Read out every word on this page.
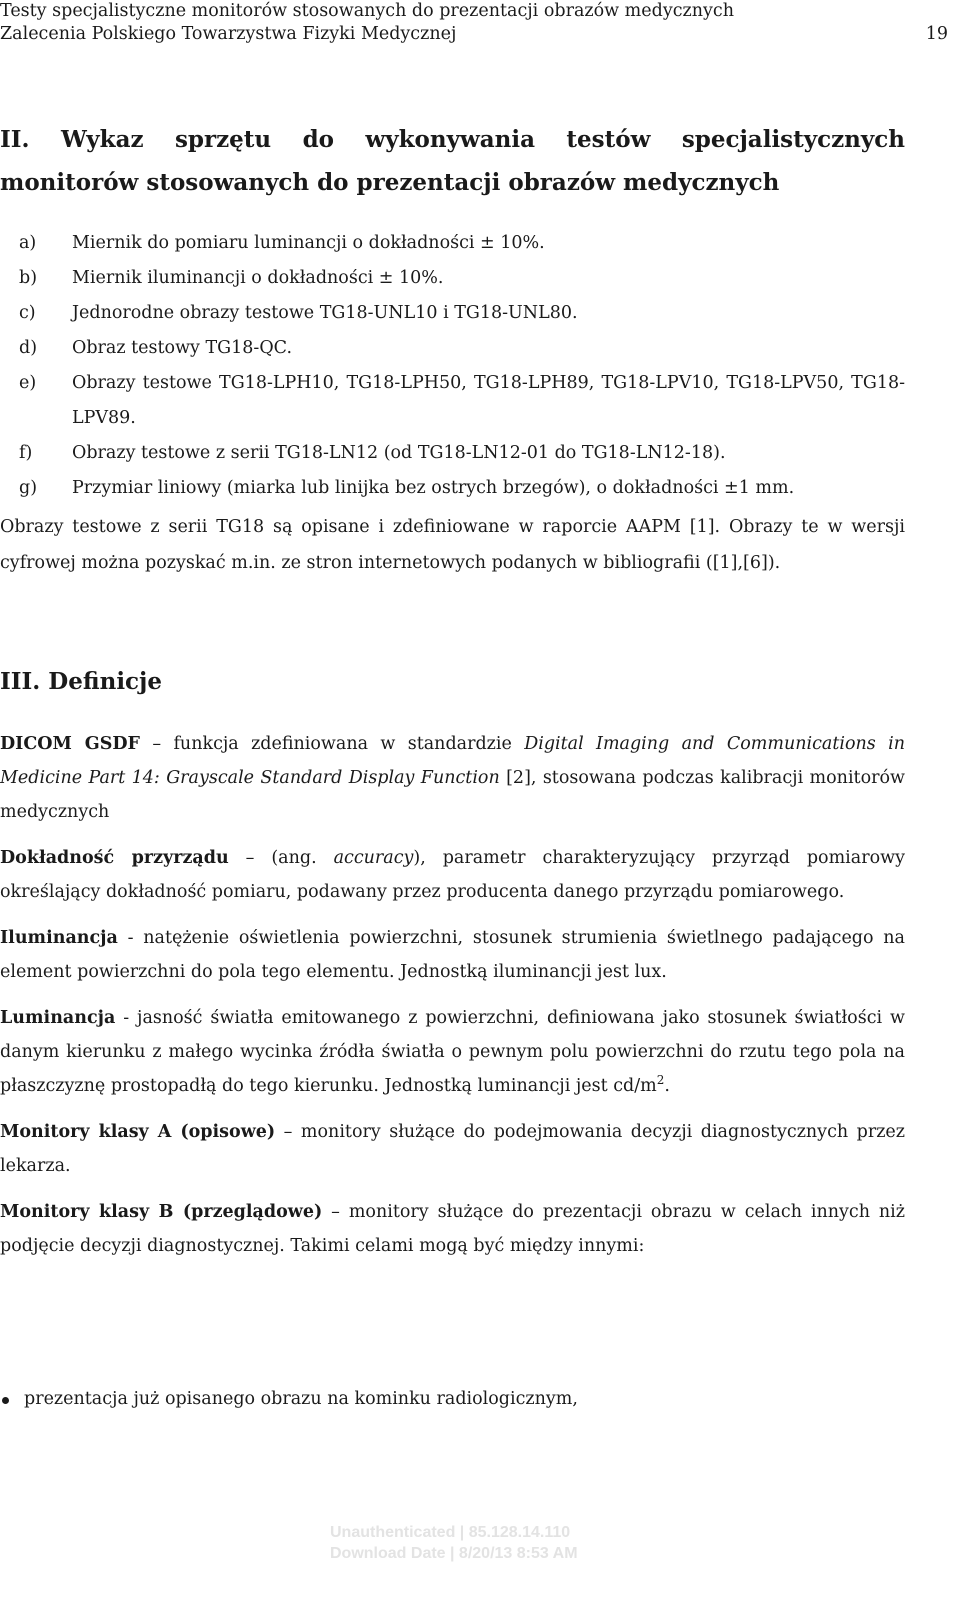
Testy specjalistyczne monitorów stosowanych do prezentacji obrazów medycznych
Zalecenia Polskiego Towarzystwa Fizyki Medycznej	19
II. Wykaz sprzętu do wykonywania testów specjalistycznych monitorów stosowanych do prezentacji obrazów medycznych
a) Miernik do pomiaru luminancji o dokładności ± 10%.
b) Miernik iluminancji o dokładności ± 10%.
c) Jednorodne obrazy testowe TG18-UNL10 i TG18-UNL80.
d) Obraz testowy TG18-QC.
e) Obrazy testowe TG18-LPH10, TG18-LPH50, TG18-LPH89, TG18-LPV10, TG18-LPV50, TG18-LPV89.
f) Obrazy testowe z serii TG18-LN12 (od TG18-LN12-01 do TG18-LN12-18).
g) Przymiar liniowy (miarka lub linijka bez ostrych brzegów), o dokładności ±1 mm.

Obrazy testowe z serii TG18 są opisane i zdefiniowane w raporcie AAPM [1]. Obrazy te w wersji cyfrowej można pozyskać m.in. ze stron internetowych podanych w bibliografii ([1],[6]).

III. Definicje

DICOM GSDF – funkcja zdefiniowana w standardzie Digital Imaging and Communications in Medicine Part 14: Grayscale Standard Display Function [2], stosowana podczas kalibracji monitorów medycznych

Dokładność przyrządu – (ang. accuracy), parametr charakteryzujący przyrząd pomiarowy określający dokładność pomiaru, podawany przez producenta danego przyrządu pomiarowego.

Iluminancja - natężenie oświetlenia powierzchni, stosunek strumienia świetlnego padającego na element powierzchni do pola tego elementu. Jednostką iluminancji jest lux.

Luminancja - jasność światła emitowanego z powierzchni, definiowana jako stosunek światłości w danym kierunku z małego wycinka źródła światła o pewnym polu powierzchni do rzutu tego pola na płaszczyznę prostopadłą do tego kierunku. Jednostką luminancji jest $cd/m^2$.

Monitory klasy A (opisowe) – monitory służące do podejmowania decyzji diagnostycznych przez lekarza.

Monitory klasy B (przeglądowe) – monitory służące do prezentacji obrazu w celach innych niż podjęcie decyzji diagnostycznej. Takimi celami mogą być między innymi:

prezentacja już opisanego obrazu na kominku radiologicznym,
Unauthenticated | 85.128.14.110
Download Date | 8/20/13 8:53 AM
